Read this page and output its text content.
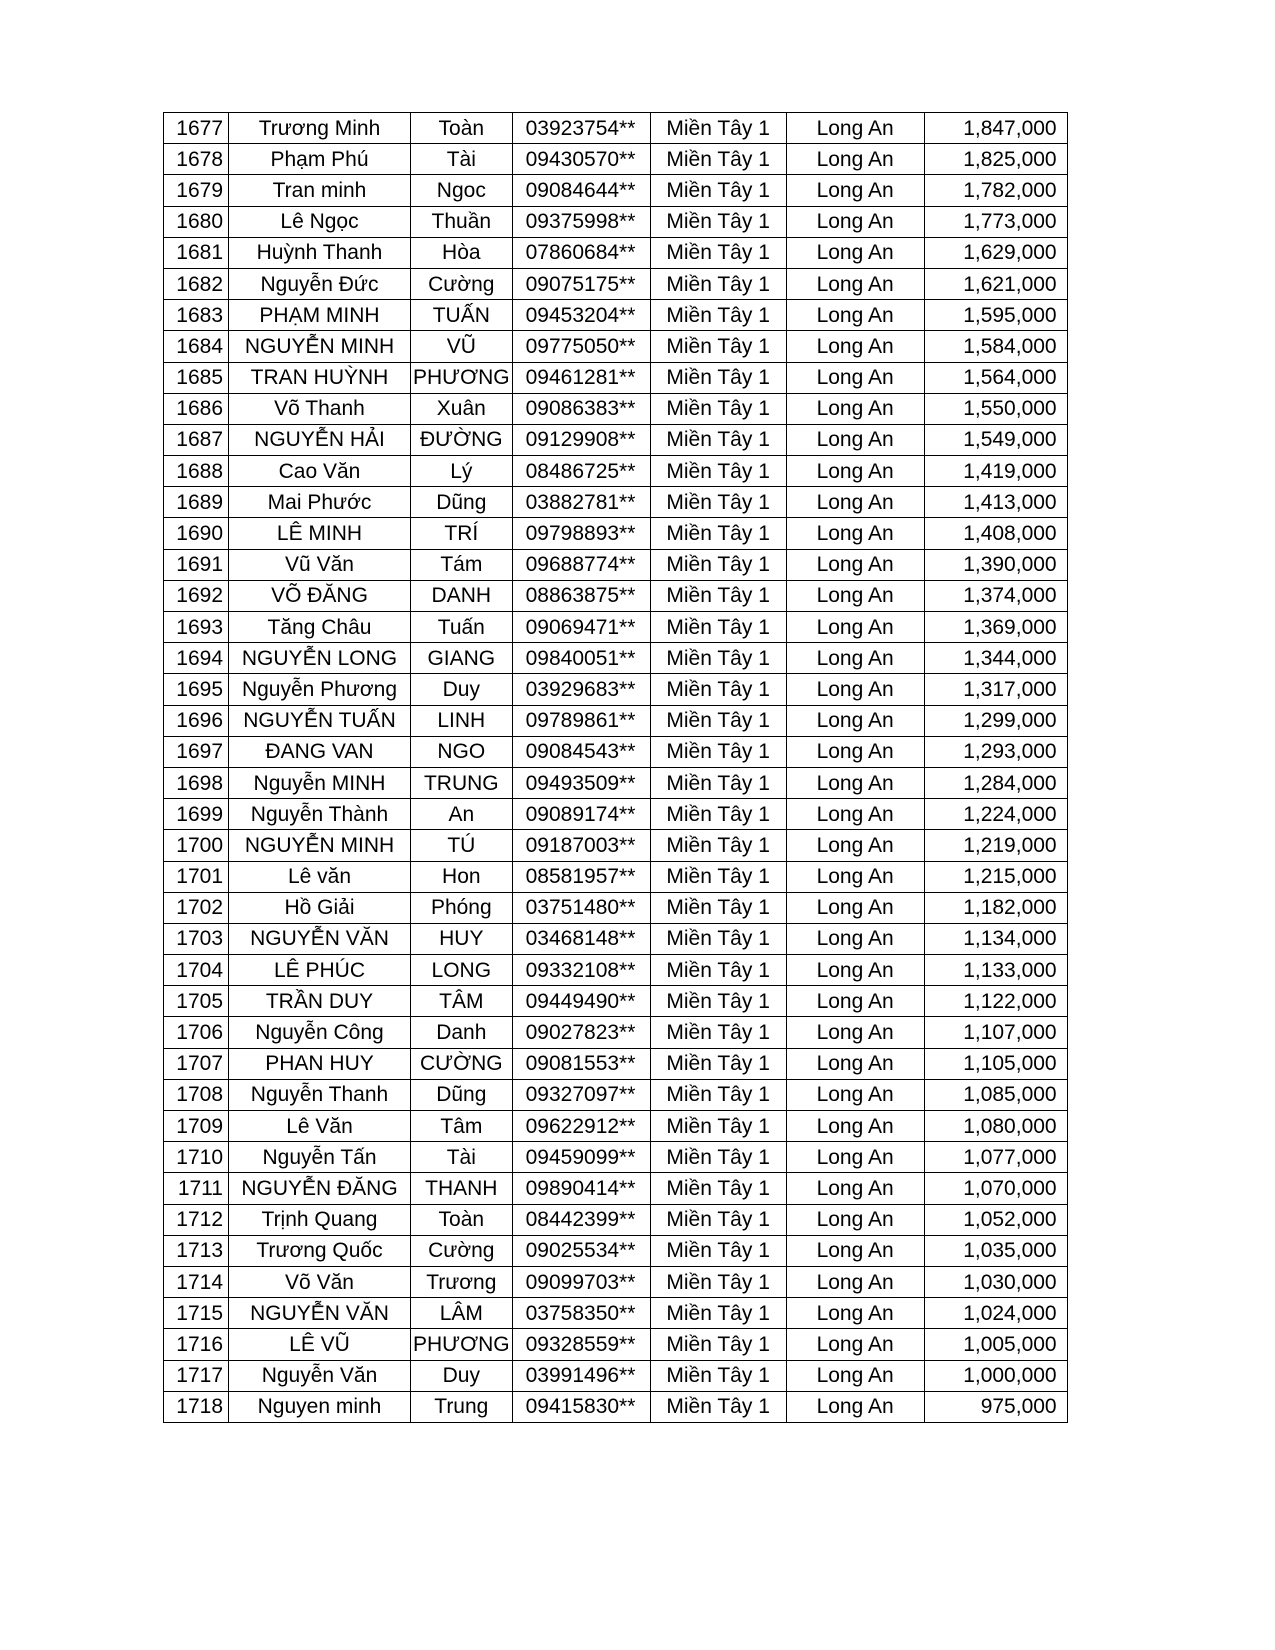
1677	Trương Minh	Toàn	03923754**	Miền Tây 1	Long An	1,847,000
1678	Phạm Phú	Tài	09430570**	Miền Tây 1	Long An	1,825,000
1679	Tran minh	Ngoc	09084644**	Miền Tây 1	Long An	1,782,000
1680	Lê Ngọc	Thuần	09375998**	Miền Tây 1	Long An	1,773,000
1681	Huỳnh Thanh	Hòa	07860684**	Miền Tây 1	Long An	1,629,000
1682	Nguyễn Đức	Cường	09075175**	Miền Tây 1	Long An	1,621,000
1683	PHẠM MINH	TUẤN	09453204**	Miền Tây 1	Long An	1,595,000
1684	NGUYỄN MINH	VŨ	09775050**	Miền Tây 1	Long An	1,584,000
1685	TRAN HUỲNH	PHƯƠNG	09461281**	Miền Tây 1	Long An	1,564,000
1686	Võ Thanh	Xuân	09086383**	Miền Tây 1	Long An	1,550,000
1687	NGUYỄN HẢI	ĐƯỜNG	09129908**	Miền Tây 1	Long An	1,549,000
1688	Cao Văn	Lý	08486725**	Miền Tây 1	Long An	1,419,000
1689	Mai Phước	Dũng	03882781**	Miền Tây 1	Long An	1,413,000
1690	LÊ MINH	TRÍ	09798893**	Miền Tây 1	Long An	1,408,000
1691	Vũ Văn	Tám	09688774**	Miền Tây 1	Long An	1,390,000
1692	VÕ ĐĂNG	DANH	08863875**	Miền Tây 1	Long An	1,374,000
1693	Tăng Châu	Tuấn	09069471**	Miền Tây 1	Long An	1,369,000
1694	NGUYỄN LONG	GIANG	09840051**	Miền Tây 1	Long An	1,344,000
1695	Nguyễn Phương	Duy	03929683**	Miền Tây 1	Long An	1,317,000
1696	NGUYỄN TUẤN	LINH	09789861**	Miền Tây 1	Long An	1,299,000
1697	ĐANG VAN	NGO	09084543**	Miền Tây 1	Long An	1,293,000
1698	Nguyễn MINH	TRUNG	09493509**	Miền Tây 1	Long An	1,284,000
1699	Nguyễn Thành	An	09089174**	Miền Tây 1	Long An	1,224,000
1700	NGUYỄN MINH	TÚ	09187003**	Miền Tây 1	Long An	1,219,000
1701	Lê văn	Hon	08581957**	Miền Tây 1	Long An	1,215,000
1702	Hồ Giải	Phóng	03751480**	Miền Tây 1	Long An	1,182,000
1703	NGUYỄN VĂN	HUY	03468148**	Miền Tây 1	Long An	1,134,000
1704	LÊ PHÚC	LONG	09332108**	Miền Tây 1	Long An	1,133,000
1705	TRẦN DUY	TÂM	09449490**	Miền Tây 1	Long An	1,122,000
1706	Nguyễn Công	Danh	09027823**	Miền Tây 1	Long An	1,107,000
1707	PHAN HUY	CƯỜNG	09081553**	Miền Tây 1	Long An	1,105,000
1708	Nguyễn Thanh	Dũng	09327097**	Miền Tây 1	Long An	1,085,000
1709	Lê Văn	Tâm	09622912**	Miền Tây 1	Long An	1,080,000
1710	Nguyễn Tấn	Tài	09459099**	Miền Tây 1	Long An	1,077,000
1711	NGUYỄN ĐĂNG	THANH	09890414**	Miền Tây 1	Long An	1,070,000
1712	Trịnh Quang	Toàn	08442399**	Miền Tây 1	Long An	1,052,000
1713	Trương Quốc	Cường	09025534**	Miền Tây 1	Long An	1,035,000
1714	Võ Văn	Trương	09099703**	Miền Tây 1	Long An	1,030,000
1715	NGUYỄN VĂN	LÂM	03758350**	Miền Tây 1	Long An	1,024,000
1716	LÊ VŨ	PHƯƠNG	09328559**	Miền Tây 1	Long An	1,005,000
1717	Nguyễn Văn	Duy	03991496**	Miền Tây 1	Long An	1,000,000
1718	Nguyen minh	Trung	09415830**	Miền Tây 1	Long An	975,000
